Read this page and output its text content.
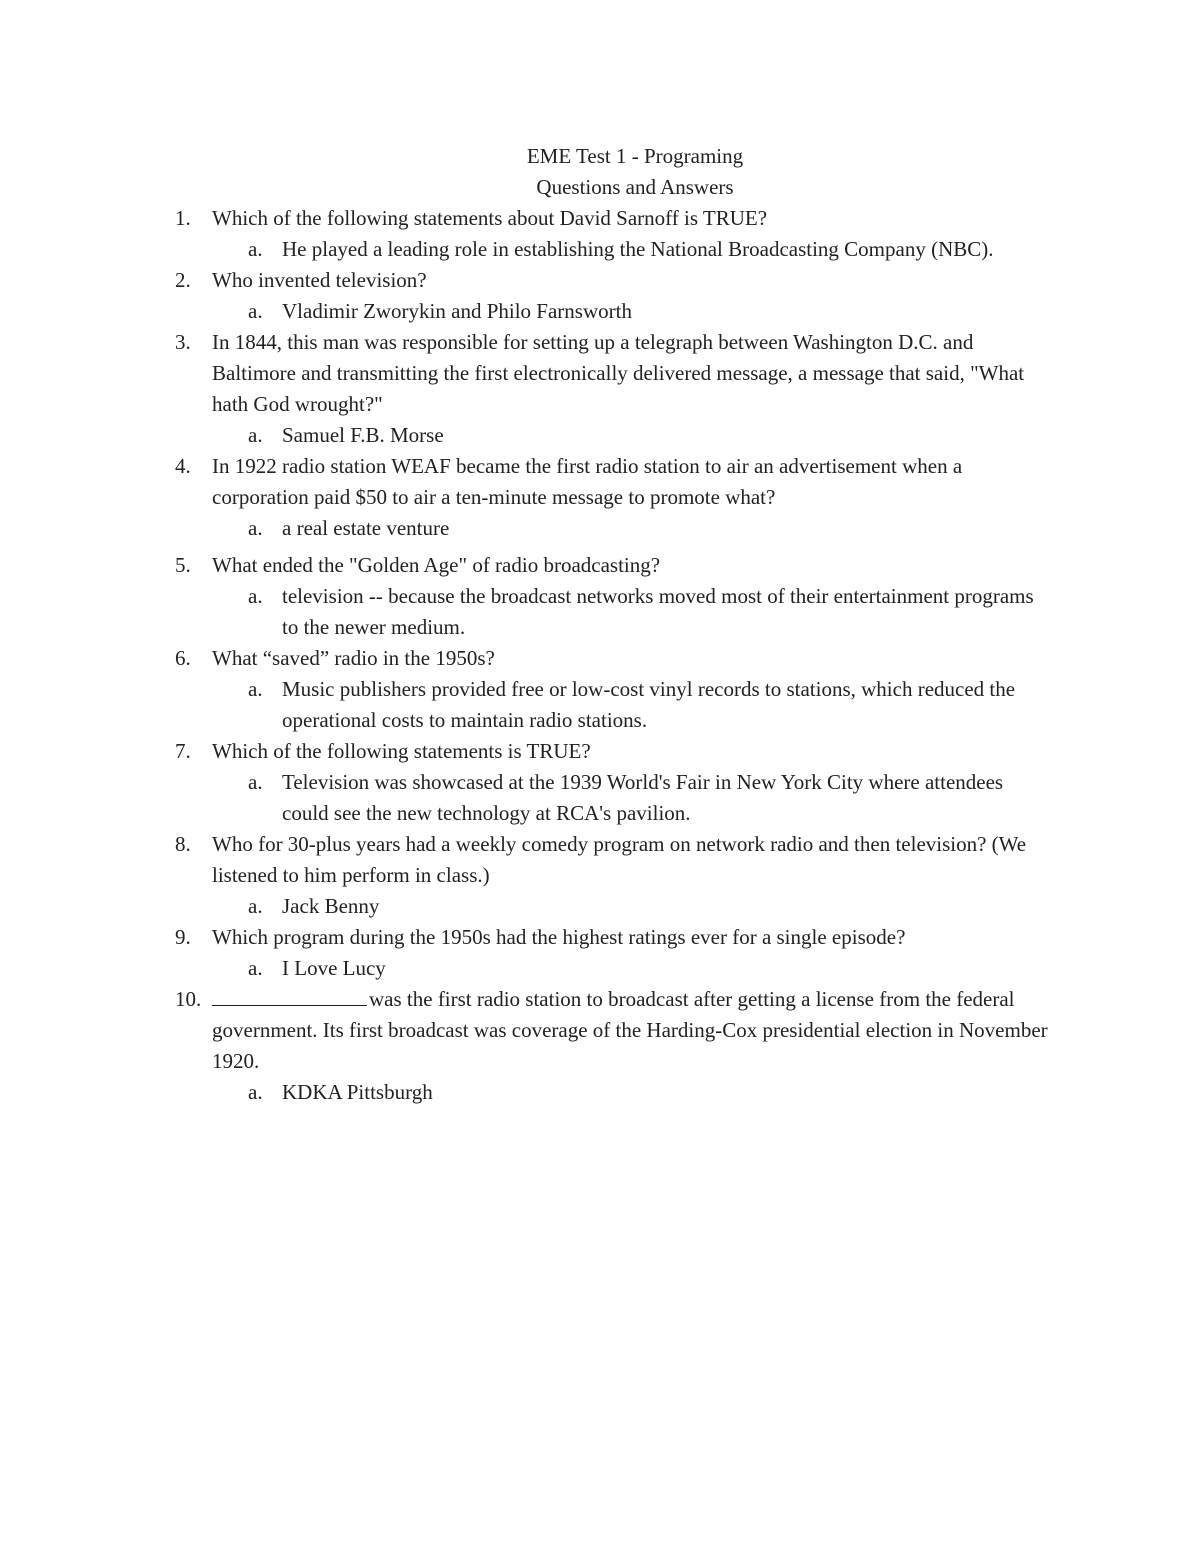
EME Test 1 - Programing
Questions and Answers
1.	Which of the following statements about David Sarnoff is TRUE?
a. He played a leading role in establishing the National Broadcasting Company (NBC).
2.	Who invented television?
a. Vladimir Zworykin and Philo Farnsworth
3.	In 1844, this man was responsible for setting up a telegraph between Washington D.C. and Baltimore and transmitting the first electronically delivered message, a message that said, "What hath God wrought?"
a. Samuel F.B. Morse
4.	In 1922 radio station WEAF became the first radio station to air an advertisement when a corporation paid $50 to air a ten-minute message to promote what?
a. a real estate venture
5.	What ended the "Golden Age" of radio broadcasting?
a. television -- because the broadcast networks moved most of their entertainment programs to the newer medium.
6.	What “saved” radio in the 1950s?
a. Music publishers provided free or low-cost vinyl records to stations, which reduced the operational costs to maintain radio stations.
7.	Which of the following statements is TRUE?
a. Television was showcased at the 1939 World's Fair in New York City where attendees could see the new technology at RCA's pavilion.
8.	Who for 30-plus years had a weekly comedy program on network radio and then television? (We listened to him perform in class.)
a. Jack Benny
9.	Which program during the 1950s had the highest ratings ever for a single episode?
a. I Love Lucy
10.	was the first radio station to broadcast after getting a license from the federal government. Its first broadcast was coverage of the Harding-Cox presidential election in November 1920.
a. KDKA Pittsburgh
